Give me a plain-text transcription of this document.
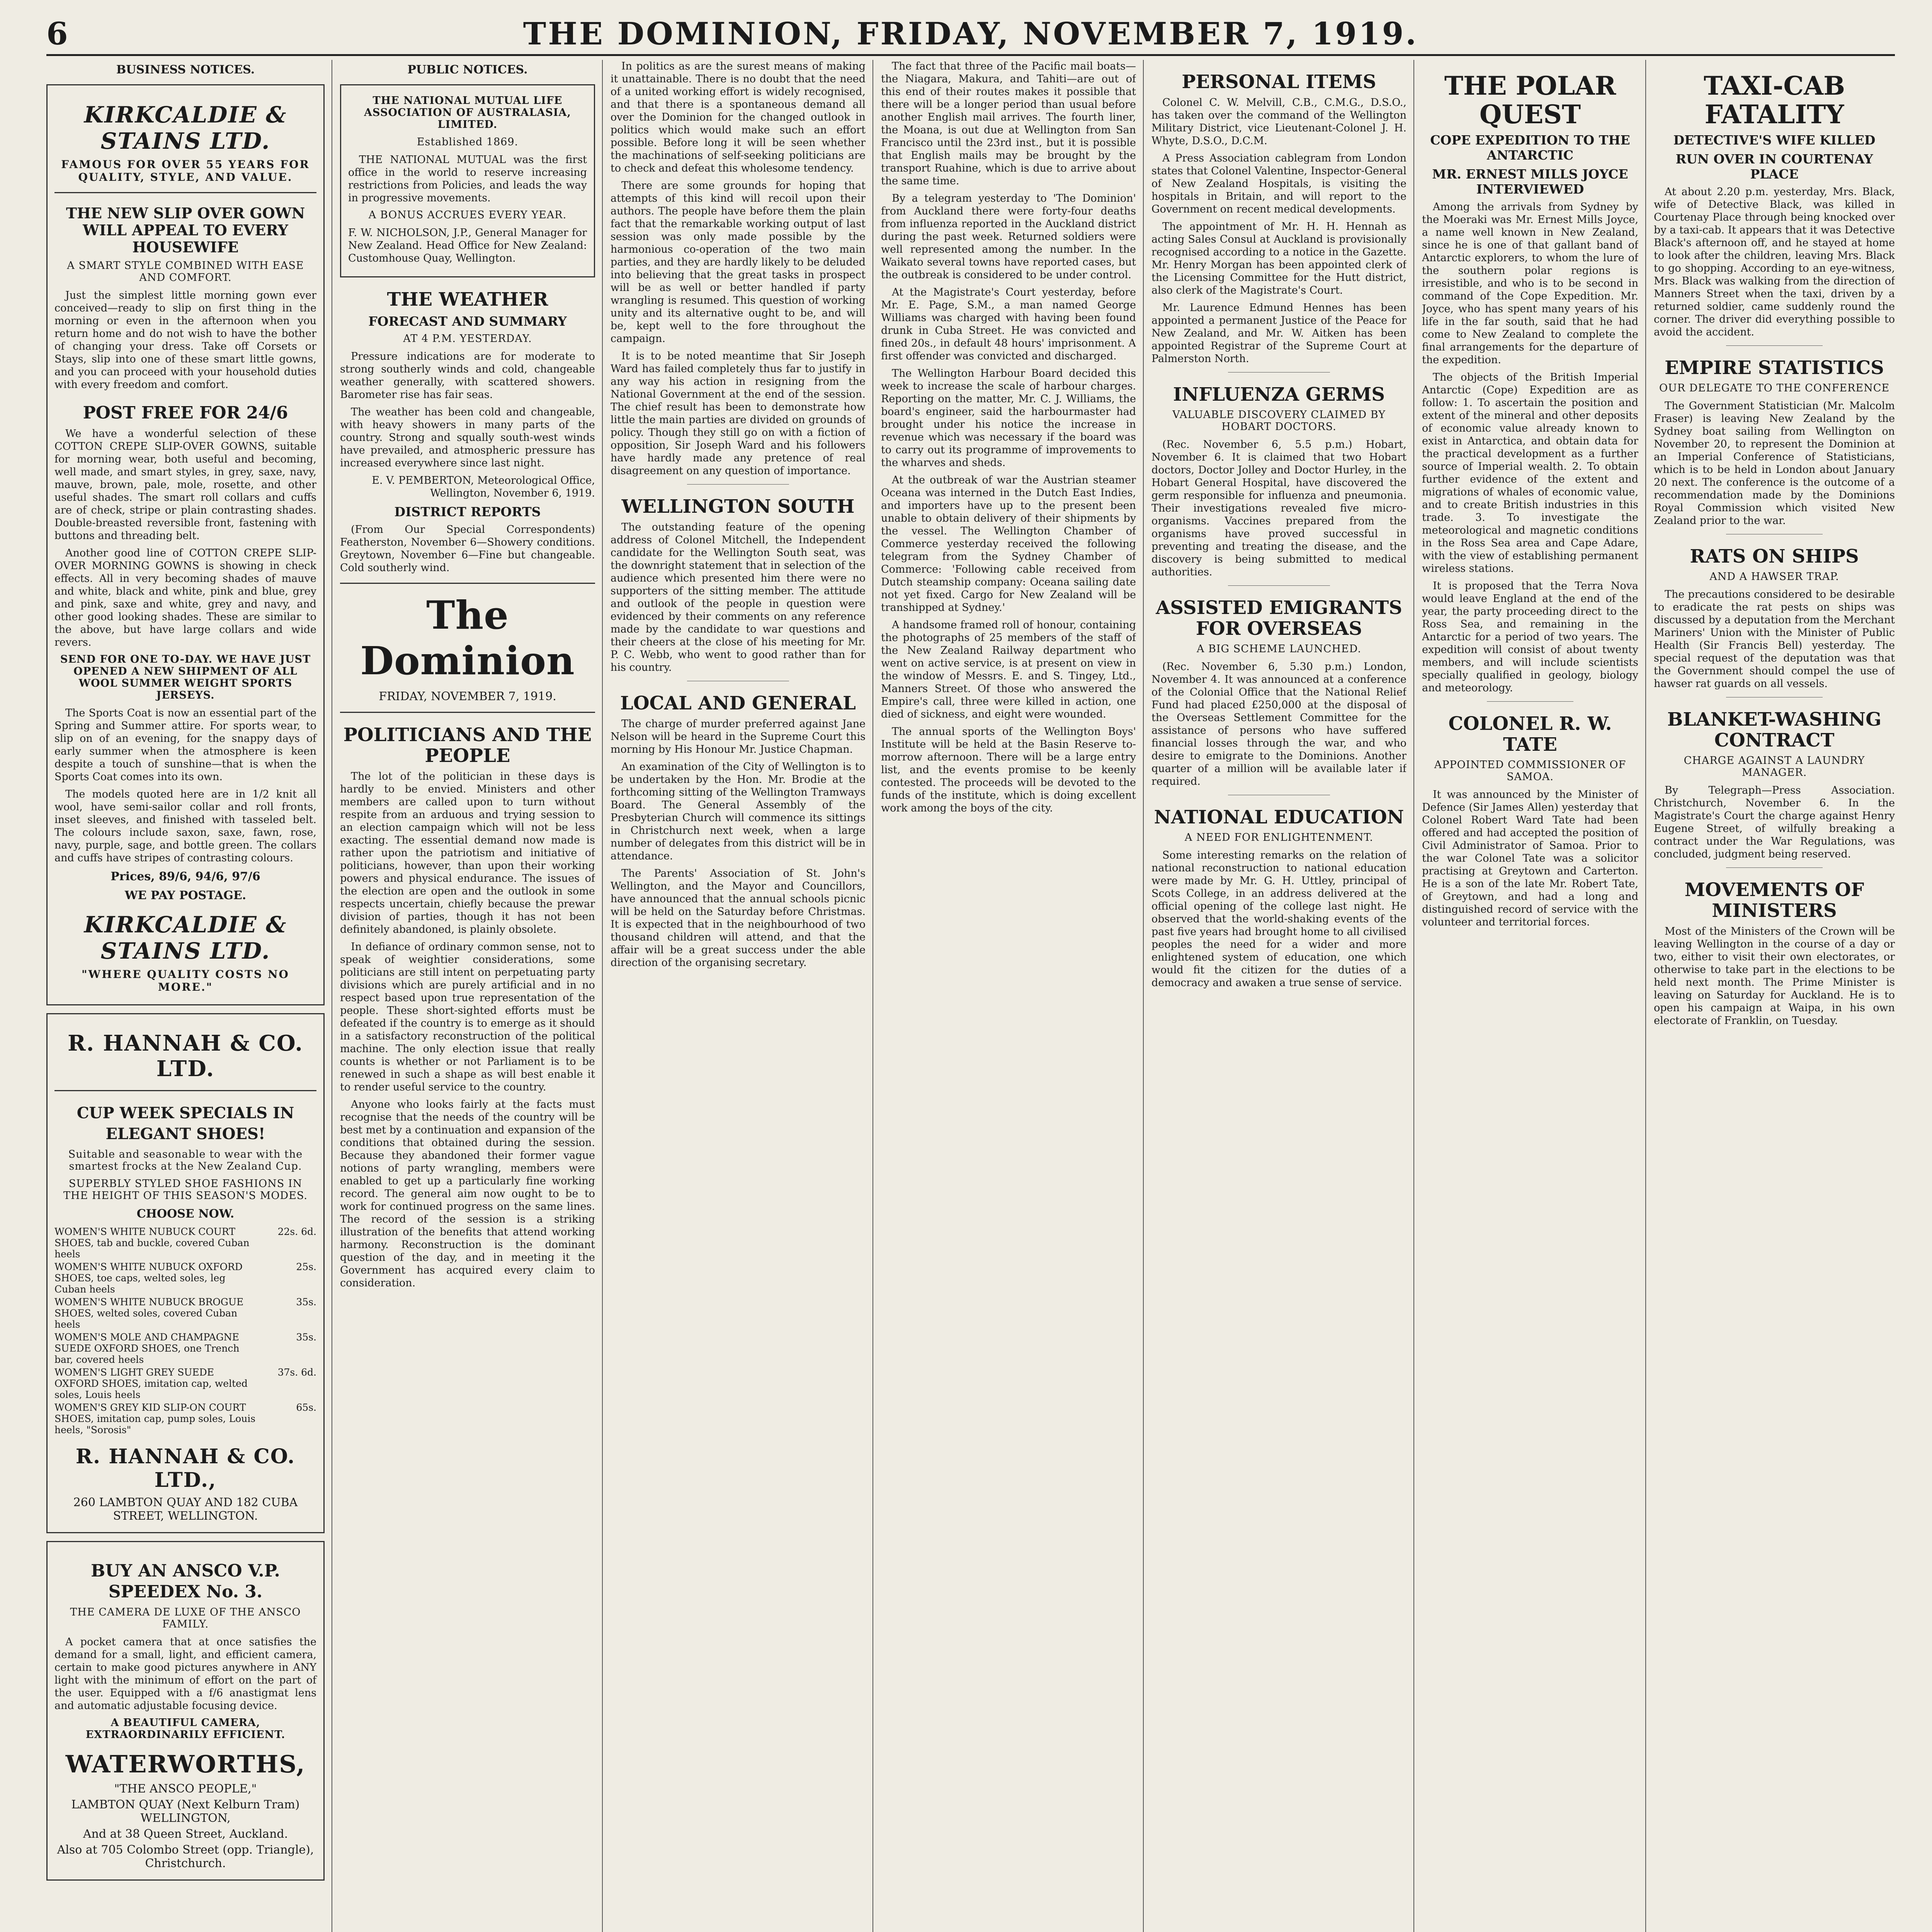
6	THE DOMINION, FRIDAY, NOVEMBER 7, 1919.
BUSINESS NOTICES.
KIRKCALDIE & STAINS LTD.
FAMOUS FOR OVER 55 YEARS FOR QUALITY, STYLE, AND VALUE.
THE NEW SLIP OVER GOWN WILL APPEAL TO EVERY HOUSEWIFE
A SMART STYLE COMBINED WITH EASE AND COMFORT.

Just the simplest little morning gown ever conceived—ready to slip on first thing in the morning or even in the afternoon when you return home and do not wish to have the bother of changing your dress. Take off Corsets or Stays, slip into one of these smart little gowns, and you can proceed with your household duties with every freedom and comfort.

POST FREE FOR 24/6

We have a wonderful selection of these COTTON CREPE SLIP-OVER GOWNS, suitable for morning wear, both useful and becoming, well made, and smart styles, in grey, saxe, navy, mauve, brown, pale, mole, rosette, and other useful shades. The smart roll collars and cuffs are of check, stripe or plain contrasting shades. Double-breasted reversible front, fastening with buttons and threading belt.

Another good line of COTTON CREPE SLIP-OVER MORNING GOWNS is showing in check effects. All in very becoming shades of mauve and white, black and white, pink and blue, grey and pink, saxe and white, grey and navy, and other good looking shades. These are similar to the above, but have large collars and wide revers.

SEND FOR ONE TO-DAY. WE HAVE JUST OPENED A NEW SHIPMENT OF ALL WOOL SUMMER WEIGHT SPORTS JERSEYS.

The Sports Coat is now an essential part of the Spring and Summer attire. For sports wear, to slip on of an evening, for the snappy days of early summer when the atmosphere is keen despite a touch of sunshine—that is when the Sports Coat comes into its own.

The models quoted here are in 1/2 knit all wool, have semi-sailor collar and roll fronts, inset sleeves, and finished with tasseled belt. The colours include saxon, saxe, fawn, rose, navy, purple, sage, and bottle green. The collars and cuffs have stripes of contrasting colours.

Prices, 89/6, 94/6, 97/6
WE PAY POSTAGE.
KIRKCALDIE & STAINS LTD.
"WHERE QUALITY COSTS NO MORE."
R. HANNAH & CO. LTD.
CUP WEEK SPECIALS IN ELEGANT SHOES!
Suitable and seasonable to wear with the smartest frocks at the New Zealand Cup.
SUPERBLY STYLED SHOE FASHIONS IN THE HEIGHT OF THIS SEASON'S MODES.
CHOOSE NOW.
WOMEN'S WHITE NUBUCK COURT SHOES, tab and buckle, covered Cuban heels
22s. 6d.
WOMEN'S WHITE NUBUCK OXFORD SHOES, toe caps, welted soles, leg Cuban heels
25s.
WOMEN'S WHITE NUBUCK BROGUE SHOES, welted soles, covered Cuban heels
35s.
WOMEN'S MOLE AND CHAMPAGNE SUEDE OXFORD SHOES, one Trench bar, covered heels
35s.
WOMEN'S LIGHT GREY SUEDE OXFORD SHOES, imitation cap, welted soles, Louis heels
37s. 6d.
WOMEN'S GREY KID SLIP-ON COURT SHOES, imitation cap, pump soles, Louis heels, "Sorosis"
65s.
R. HANNAH & CO. LTD.,
260 LAMBTON QUAY AND 182 CUBA STREET, WELLINGTON.
BUY AN ANSCO V.P. SPEEDEX No. 3.
THE CAMERA DE LUXE OF THE ANSCO FAMILY.

A pocket camera that at once satisfies the demand for a small, light, and efficient camera, certain to make good pictures anywhere in ANY light with the minimum of effort on the part of the user. Equipped with a f/6 anastigmat lens and automatic adjustable focusing device.

A BEAUTIFUL CAMERA, EXTRAORDINARILY EFFICIENT.
WATERWORTHS,
"THE ANSCO PEOPLE,"
LAMBTON QUAY (Next Kelburn Tram) WELLINGTON,
And at 38 Queen Street, Auckland.
Also at 705 Colombo Street (opp. Triangle), Christchurch.
PUBLIC NOTICES.
THE NATIONAL MUTUAL LIFE ASSOCIATION OF AUSTRALASIA, LIMITED.
Established 1869.

THE NATIONAL MUTUAL was the first office in the world to reserve increasing restrictions from Policies, and leads the way in progressive movements.

A BONUS ACCRUES EVERY YEAR.

F. W. NICHOLSON, J.P., General Manager for New Zealand. Head Office for New Zealand: Customhouse Quay, Wellington.

THE WEATHER
FORECAST AND SUMMARY
AT 4 P.M. YESTERDAY.

Pressure indications are for moderate to strong southerly winds and cold, changeable weather generally, with scattered showers. Barometer rise has fair seas.

The weather has been cold and changeable, with heavy showers in many parts of the country. Strong and squally south-west winds have prevailed, and atmospheric pressure has increased everywhere since last night.

E. V. PEMBERTON, Meteorological Office, Wellington, November 6, 1919.

DISTRICT REPORTS

(From Our Special Correspondents) Featherston, November 6—Showery conditions. Greytown, November 6—Fine but changeable. Cold southerly wind.

The Dominion
FRIDAY, NOVEMBER 7, 1919.
POLITICIANS AND THE PEOPLE

The lot of the politician in these days is hardly to be envied. Ministers and other members are called upon to turn without respite from an arduous and trying session to an election campaign which will not be less exacting. The essential demand now made is rather upon the patriotism and initiative of politicians, however, than upon their working powers and physical endurance. The issues of the election are open and the outlook in some respects uncertain, chiefly because the prewar division of parties, though it has not been definitely abandoned, is plainly obsolete.

In defiance of ordinary common sense, not to speak of weightier considerations, some politicians are still intent on perpetuating party divisions which are purely artificial and in no respect based upon true representation of the people. These short-sighted efforts must be defeated if the country is to emerge as it should in a satisfactory reconstruction of the political machine. The only election issue that really counts is whether or not Parliament is to be renewed in such a shape as will best enable it to render useful service to the country.

Anyone who looks fairly at the facts must recognise that the needs of the country will be best met by a continuation and expansion of the conditions that obtained during the session. Because they abandoned their former vague notions of party wrangling, members were enabled to get up a particularly fine working record. The general aim now ought to be to work for continued progress on the same lines. The record of the session is a striking illustration of the benefits that attend working harmony. Reconstruction is the dominant question of the day, and in meeting it the Government has acquired every claim to consideration.

In politics as are the surest means of making it unattainable. There is no doubt that the need of a united working effort is widely recognised, and that there is a spontaneous demand all over the Dominion for the changed outlook in politics which would make such an effort possible. Before long it will be seen whether the machinations of self-seeking politicians are to check and defeat this wholesome tendency.

There are some grounds for hoping that attempts of this kind will recoil upon their authors. The people have before them the plain fact that the remarkable working output of last session was only made possible by the harmonious co-operation of the two main parties, and they are hardly likely to be deluded into believing that the great tasks in prospect will be as well or better handled if party wrangling is resumed. This question of working unity and its alternative ought to be, and will be, kept well to the fore throughout the campaign.

It is to be noted meantime that Sir Joseph Ward has failed completely thus far to justify in any way his action in resigning from the National Government at the end of the session. The chief result has been to demonstrate how little the main parties are divided on grounds of policy. Though they still go on with a fiction of opposition, Sir Joseph Ward and his followers have hardly made any pretence of real disagreement on any question of importance.

WELLINGTON SOUTH

The outstanding feature of the opening address of Colonel Mitchell, the Independent candidate for the Wellington South seat, was the downright statement that in selection of the audience which presented him there were no supporters of the sitting member. The attitude and outlook of the people in question were evidenced by their comments on any reference made by the candidate to war questions and their cheers at the close of his meeting for Mr. P. C. Webb, who went to good rather than for his country.

LOCAL AND GENERAL

The charge of murder preferred against Jane Nelson will be heard in the Supreme Court this morning by His Honour Mr. Justice Chapman.

An examination of the City of Wellington is to be undertaken by the Hon. Mr. Brodie at the forthcoming sitting of the Wellington Tramways Board. The General Assembly of the Presbyterian Church will commence its sittings in Christchurch next week, when a large number of delegates from this district will be in attendance.

The Parents' Association of St. John's Wellington, and the Mayor and Councillors, have announced that the annual schools picnic will be held on the Saturday before Christmas. It is expected that in the neighbourhood of two thousand children will attend, and that the affair will be a great success under the able direction of the organising secretary.

The fact that three of the Pacific mail boats—the Niagara, Makura, and Tahiti—are out of this end of their routes makes it possible that there will be a longer period than usual before another English mail arrives. The fourth liner, the Moana, is out due at Wellington from San Francisco until the 23rd inst., but it is possible that English mails may be brought by the transport Ruahine, which is due to arrive about the same time.

By a telegram yesterday to 'The Dominion' from Auckland there were forty-four deaths from influenza reported in the Auckland district during the past week. Returned soldiers were well represented among the number. In the Waikato several towns have reported cases, but the outbreak is considered to be under control.

At the Magistrate's Court yesterday, before Mr. E. Page, S.M., a man named George Williams was charged with having been found drunk in Cuba Street. He was convicted and fined 20s., in default 48 hours' imprisonment. A first offender was convicted and discharged.

The Wellington Harbour Board decided this week to increase the scale of harbour charges. Reporting on the matter, Mr. C. J. Williams, the board's engineer, said the harbourmaster had brought under his notice the increase in revenue which was necessary if the board was to carry out its programme of improvements to the wharves and sheds.

At the outbreak of war the Austrian steamer Oceana was interned in the Dutch East Indies, and importers have up to the present been unable to obtain delivery of their shipments by the vessel. The Wellington Chamber of Commerce yesterday received the following telegram from the Sydney Chamber of Commerce: 'Following cable received from Dutch steamship company: Oceana sailing date not yet fixed. Cargo for New Zealand will be transhipped at Sydney.'

A handsome framed roll of honour, containing the photographs of 25 members of the staff of the New Zealand Railway department who went on active service, is at present on view in the window of Messrs. E. and S. Tingey, Ltd., Manners Street. Of those who answered the Empire's call, three were killed in action, one died of sickness, and eight were wounded.

The annual sports of the Wellington Boys' Institute will be held at the Basin Reserve to-morrow afternoon. There will be a large entry list, and the events promise to be keenly contested. The proceeds will be devoted to the funds of the institute, which is doing excellent work among the boys of the city.

PERSONAL ITEMS

Colonel C. W. Melvill, C.B., C.M.G., D.S.O., has taken over the command of the Wellington Military District, vice Lieutenant-Colonel J. H. Whyte, D.S.O., D.C.M.

A Press Association cablegram from London states that Colonel Valentine, Inspector-General of New Zealand Hospitals, is visiting the hospitals in Britain, and will report to the Government on recent medical developments.

The appointment of Mr. H. H. Hennah as acting Sales Consul at Auckland is provisionally recognised according to a notice in the Gazette. Mr. Henry Morgan has been appointed clerk of the Licensing Committee for the Hutt district, also clerk of the Magistrate's Court.

Mr. Laurence Edmund Hennes has been appointed a permanent Justice of the Peace for New Zealand, and Mr. W. Aitken has been appointed Registrar of the Supreme Court at Palmerston North.

INFLUENZA GERMS
VALUABLE DISCOVERY CLAIMED BY HOBART DOCTORS.

(Rec. November 6, 5.5 p.m.) Hobart, November 6. It is claimed that two Hobart doctors, Doctor Jolley and Doctor Hurley, in the Hobart General Hospital, have discovered the germ responsible for influenza and pneumonia. Their investigations revealed five micro-organisms. Vaccines prepared from the organisms have proved successful in preventing and treating the disease, and the discovery is being submitted to medical authorities.

ASSISTED EMIGRANTS FOR OVERSEAS
A BIG SCHEME LAUNCHED.

(Rec. November 6, 5.30 p.m.) London, November 4. It was announced at a conference of the Colonial Office that the National Relief Fund had placed £250,000 at the disposal of the Overseas Settlement Committee for the assistance of persons who have suffered financial losses through the war, and who desire to emigrate to the Dominions. Another quarter of a million will be available later if required.

NATIONAL EDUCATION
A NEED FOR ENLIGHTENMENT.

Some interesting remarks on the relation of national reconstruction to national education were made by Mr. G. H. Uttley, principal of Scots College, in an address delivered at the official opening of the college last night. He observed that the world-shaking events of the past five years had brought home to all civilised peoples the need for a wider and more enlightened system of education, one which would fit the citizen for the duties of a democracy and awaken a true sense of service.

THE POLAR QUEST
COPE EXPEDITION TO THE ANTARCTIC
MR. ERNEST MILLS JOYCE INTERVIEWED

Among the arrivals from Sydney by the Moeraki was Mr. Ernest Mills Joyce, a name well known in New Zealand, since he is one of that gallant band of Antarctic explorers, to whom the lure of the southern polar regions is irresistible, and who is to be second in command of the Cope Expedition. Mr. Joyce, who has spent many years of his life in the far south, said that he had come to New Zealand to complete the final arrangements for the departure of the expedition.

The objects of the British Imperial Antarctic (Cope) Expedition are as follow: 1. To ascertain the position and extent of the mineral and other deposits of economic value already known to exist in Antarctica, and obtain data for the practical development as a further source of Imperial wealth. 2. To obtain further evidence of the extent and migrations of whales of economic value, and to create British industries in this trade. 3. To investigate the meteorological and magnetic conditions in the Ross Sea area and Cape Adare, with the view of establishing permanent wireless stations.

It is proposed that the Terra Nova would leave England at the end of the year, the party proceeding direct to the Ross Sea, and remaining in the Antarctic for a period of two years. The expedition will consist of about twenty members, and will include scientists specially qualified in geology, biology and meteorology.

COLONEL R. W. TATE
APPOINTED COMMISSIONER OF SAMOA.

It was announced by the Minister of Defence (Sir James Allen) yesterday that Colonel Robert Ward Tate had been offered and had accepted the position of Civil Administrator of Samoa. Prior to the war Colonel Tate was a solicitor practising at Greytown and Carterton. He is a son of the late Mr. Robert Tate, of Greytown, and had a long and distinguished record of service with the volunteer and territorial forces.

TAXI-CAB FATALITY
DETECTIVE'S WIFE KILLED
RUN OVER IN COURTENAY PLACE

At about 2.20 p.m. yesterday, Mrs. Black, wife of Detective Black, was killed in Courtenay Place through being knocked over by a taxi-cab. It appears that it was Detective Black's afternoon off, and he stayed at home to look after the children, leaving Mrs. Black to go shopping. According to an eye-witness, Mrs. Black was walking from the direction of Manners Street when the taxi, driven by a returned soldier, came suddenly round the corner. The driver did everything possible to avoid the accident.

EMPIRE STATISTICS
OUR DELEGATE TO THE CONFERENCE

The Government Statistician (Mr. Malcolm Fraser) is leaving New Zealand by the Sydney boat sailing from Wellington on November 20, to represent the Dominion at an Imperial Conference of Statisticians, which is to be held in London about January 20 next. The conference is the outcome of a recommendation made by the Dominions Royal Commission which visited New Zealand prior to the war.

RATS ON SHIPS
AND A HAWSER TRAP.

The precautions considered to be desirable to eradicate the rat pests on ships was discussed by a deputation from the Merchant Mariners' Union with the Minister of Public Health (Sir Francis Bell) yesterday. The special request of the deputation was that the Government should compel the use of hawser rat guards on all vessels.

BLANKET-WASHING CONTRACT
CHARGE AGAINST A LAUNDRY MANAGER.

By Telegraph—Press Association. Christchurch, November 6. In the Magistrate's Court the charge against Henry Eugene Street, of wilfully breaking a contract under the War Regulations, was concluded, judgment being reserved.

MOVEMENTS OF MINISTERS

Most of the Ministers of the Crown will be leaving Wellington in the course of a day or two, either to visit their own electorates, or otherwise to take part in the elections to be held next month. The Prime Minister is leaving on Saturday for Auckland. He is to open his campaign at Waipa, in his own electorate of Franklin, on Tuesday.
